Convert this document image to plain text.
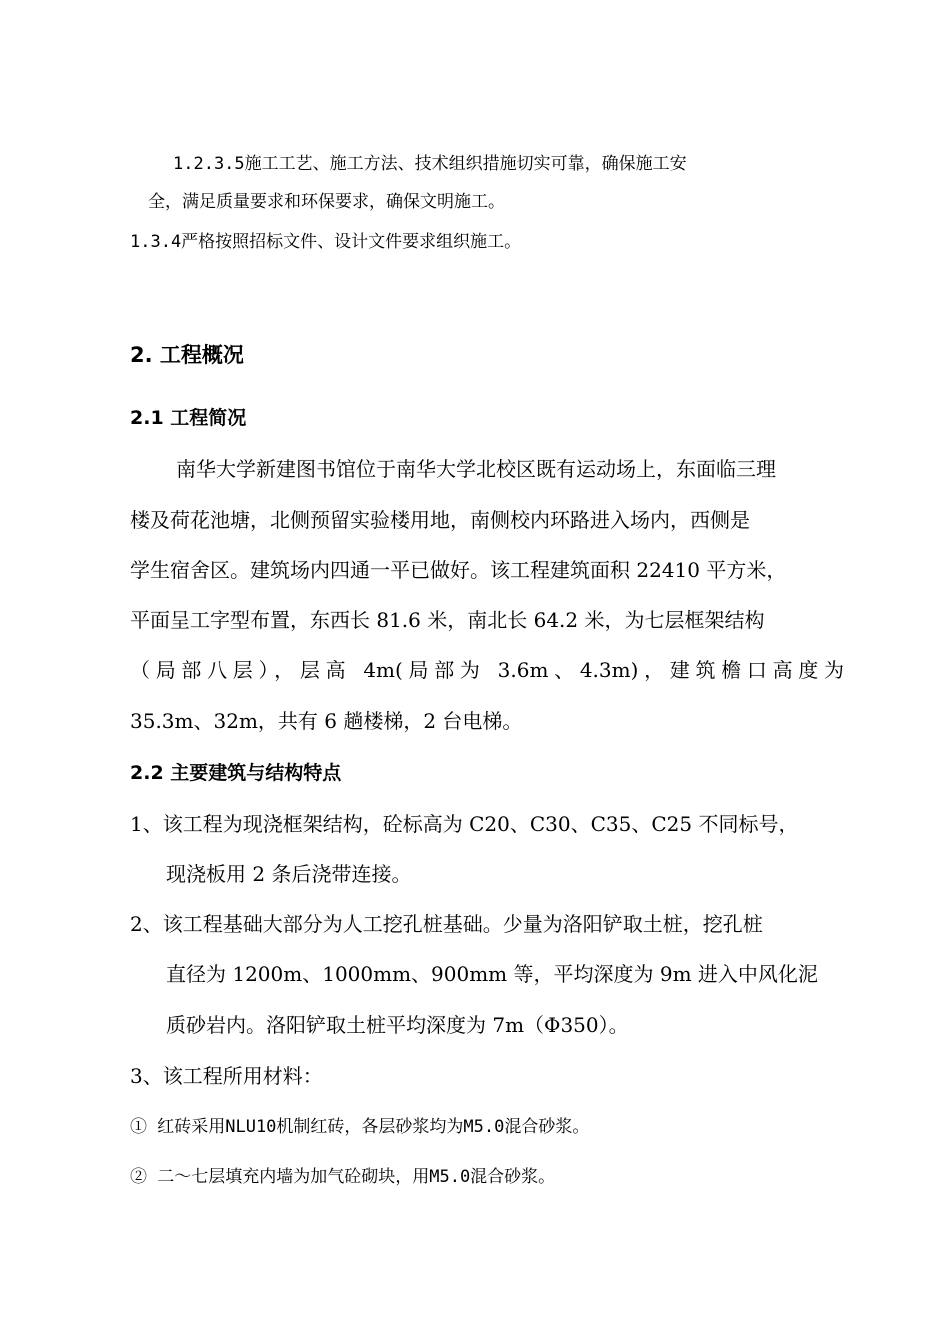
1.2.3.5施工工艺、施工方法、技术组织措施切实可靠，确保施工安
全，满足质量要求和环保要求，确保文明施工。
1.3.4严格按照招标文件、设计文件要求组织施工。
2. 工程概况
2.1 工程简况
南华大学新建图书馆位于南华大学北校区既有运动场上，东面临三理
楼及荷花池塘，北侧预留实验楼用地，南侧校内环路进入场内，西侧是
学生宿舍区。建筑场内四通一平已做好。该工程建筑面积 22410 平方米，
平面呈工字型布置，东西长 81.6 米，南北长 64.2 米，为七层框架结构
（局部八层），层高 4m(局部为 3.6m、4.3m)，建筑檐口高度为
35.3m、32m，共有 6 趟楼梯，2 台电梯。
2.2 主要建筑与结构特点
1、该工程为现浇框架结构，砼标高为 C20、C30、C35、C25 不同标号，
现浇板用 2 条后浇带连接。
2、该工程基础大部分为人工挖孔桩基础。少量为洛阳铲取土桩，挖孔桩
直径为 1200m、1000mm、900mm 等，平均深度为 9m 进入中风化泥
质砂岩内。洛阳铲取土桩平均深度为 7m（Φ350）。
3、该工程所用材料：
① 红砖采用NLU10机制红砖，各层砂浆均为M5.0混合砂浆。
② 二～七层填充内墙为加气砼砌块，用M5.0混合砂浆。
